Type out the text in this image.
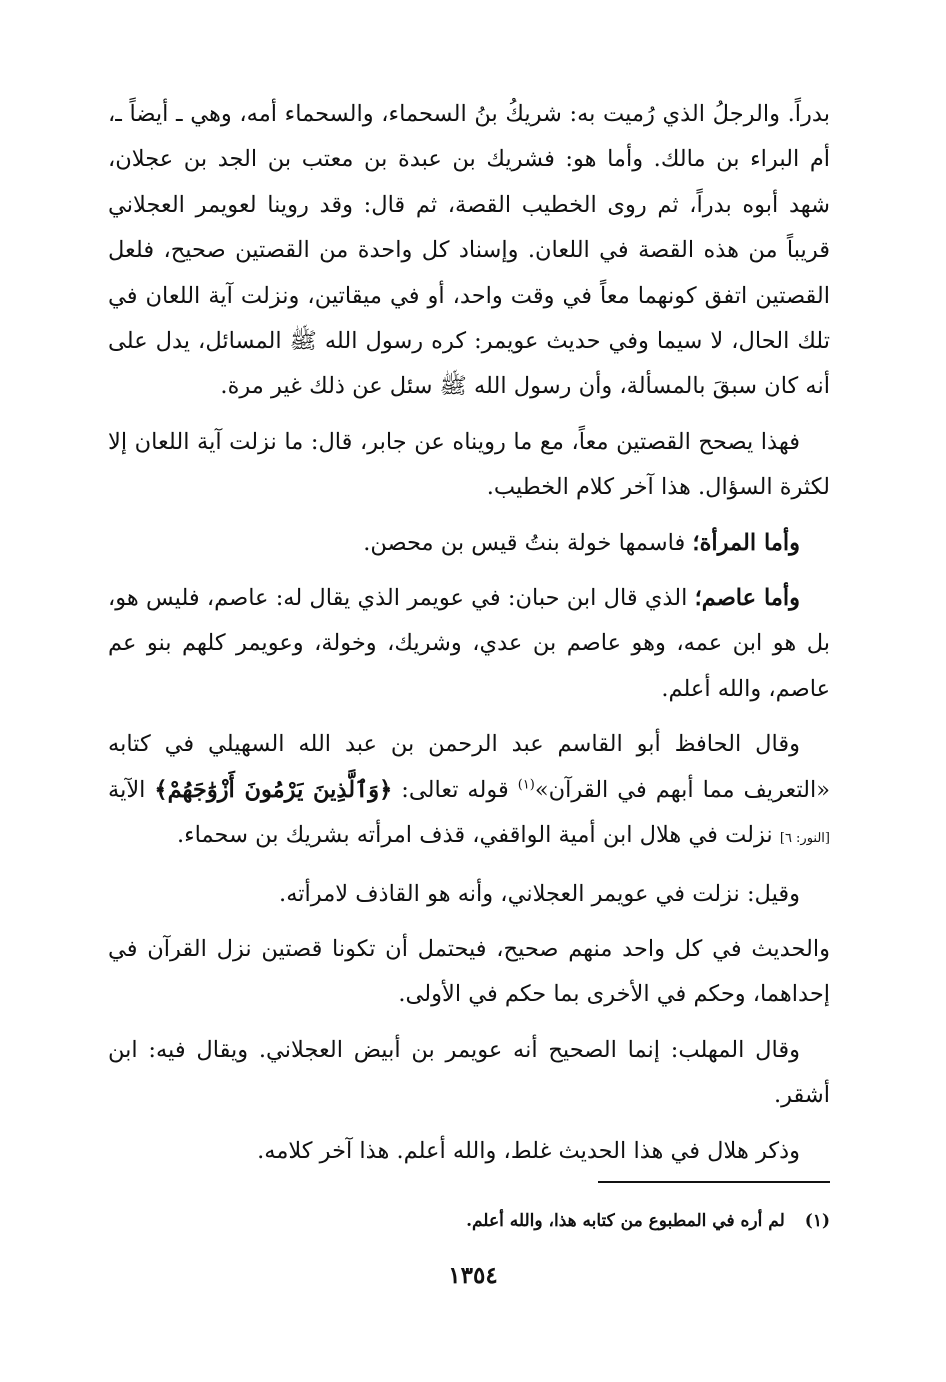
بدراً. والرجلُ الذي رُميت به: شريكُ بنُ السحماء، والسحماء أمه، وهي ـ أيضاً ـ، أم البراء بن مالك. وأما هو: فشريك بن عبدة بن معتب بن الجد بن عجلان، شهد أبوه بدراً، ثم روى الخطيب القصة، ثم قال: وقد روينا لعويمر العجلاني قريباً من هذه القصة في اللعان. وإسناد كل واحدة من القصتين صحيح، فلعل القصتين اتفق كونهما معاً في وقت واحد، أو في ميقاتين، ونزلت آية اللعان في تلك الحال، لا سيما وفي حديث عويمر: كره رسول الله ﷺ المسائل، يدل على أنه كان سبقَ بالمسألة، وأن رسول الله ﷺ سئل عن ذلك غير مرة.

فهذا يصحح القصتين معاً، مع ما رويناه عن جابر، قال: ما نزلت آية اللعان إلا لكثرة السؤال. هذا آخر كلام الخطيب.

وأما المرأة؛ فاسمها خولة بنتُ قيس بن محصن.

وأما عاصم؛ الذي قال ابن حبان: في عويمر الذي يقال له: عاصم، فليس هو، بل هو ابن عمه، وهو عاصم بن عدي، وشريك، وخولة، وعويمر كلهم بنو عم عاصم، والله أعلم.

وقال الحافظ أبو القاسم عبد الرحمن بن عبد الله السهيلي في كتابه «التعريف مما أبهم في القرآن»$^{(١)}$ قوله تعالى: ﴿وَٱلَّذِينَ يَرْمُونَ أَزْوَٰجَهُمْ﴾ الآية [النور: ٦] نزلت في هلال ابن أمية الواقفي، قذف امرأته بشريك بن سحماء.

وقيل: نزلت في عويمر العجلاني، وأنه هو القاذف لامرأته.

والحديث في كل واحد منهم صحيح، فيحتمل أن تكونا قصتين نزل القرآن في إحداهما، وحكم في الأخرى بما حكم في الأولى.

وقال المهلب: إنما الصحيح أنه عويمر بن أبيض العجلاني. ويقال فيه: ابن أشقر.

وذكر هلال في هذا الحديث غلط، والله أعلم. هذا آخر كلامه.

(١)لم أره في المطبوع من كتابه هذا، والله أعلم.
١٣٥٤
